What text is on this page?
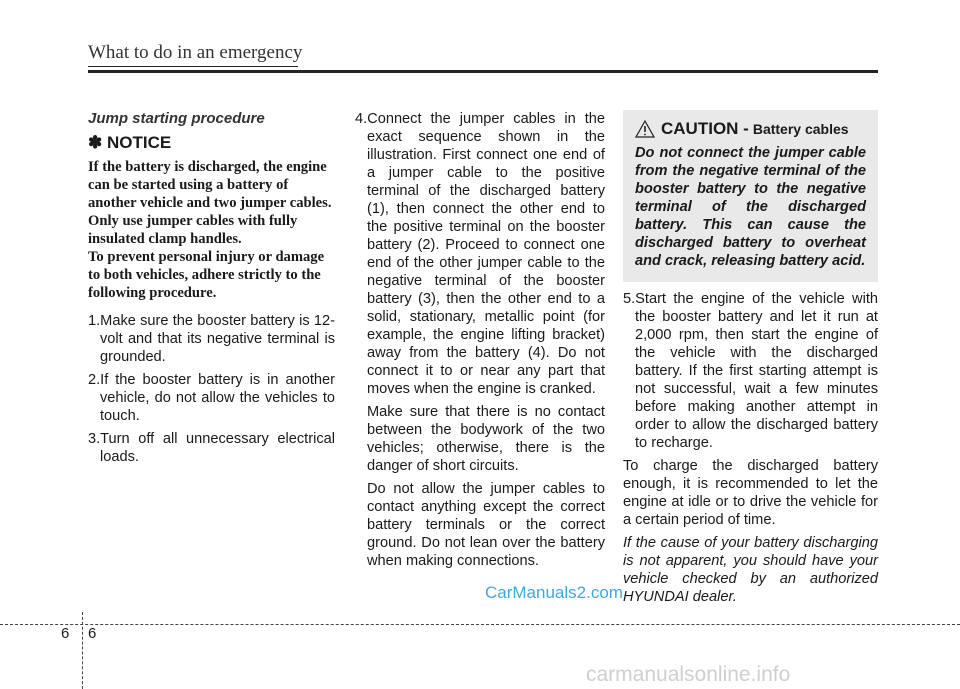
What to do in an emergency
Jump starting procedure
✽ NOTICE

If the battery is discharged, the engine can be started using a battery of another vehicle and two jumper cables. Only use jumper cables with fully insulated clamp handles.

To prevent personal injury or damage to both vehicles, adhere strictly to the following procedure.

1.Make sure the booster battery is 12-volt and that its negative terminal is grounded.
2.If the booster battery is in another vehicle, do not allow the vehicles to touch.
3.Turn off all unnecessary electrical loads.
4.Connect the jumper cables in the exact sequence shown in the illustration. First connect one end of a jumper cable to the positive terminal of the discharged battery (1), then connect the other end to the positive terminal on the booster battery (2). Proceed to connect one end of the other jumper cable to the negative terminal of the booster battery (3), then the other end to a solid, stationary, metallic point (for example, the engine lifting bracket) away from the battery (4). Do not connect it to or near any part that moves when the engine is cranked.
Make sure that there is no contact between the bodywork of the two vehicles; otherwise, there is the danger of short circuits.
Do not allow the jumper cables to contact anything except the correct battery terminals or the correct ground. Do not lean over the battery when making connections.
CAUTION - Battery cables
Do not connect the jumper cable from the negative terminal of the booster battery to the negative terminal of the discharged battery. This can cause the discharged battery to overheat and crack, releasing battery acid.
5.Start the engine of the vehicle with the booster battery and let it run at 2,000 rpm, then start the engine of the vehicle with the discharged battery. If the first starting attempt is not successful, wait a few minutes before making another attempt in order to allow the discharged battery to recharge.
To charge the discharged battery enough, it is recommended to let the engine at idle or to drive the vehicle for a certain period of time.
If the cause of your battery discharging is not apparent, you should have your vehicle checked by an authorized HYUNDAI dealer.
CarManuals2.com
6 6
carmanualsonline.info
